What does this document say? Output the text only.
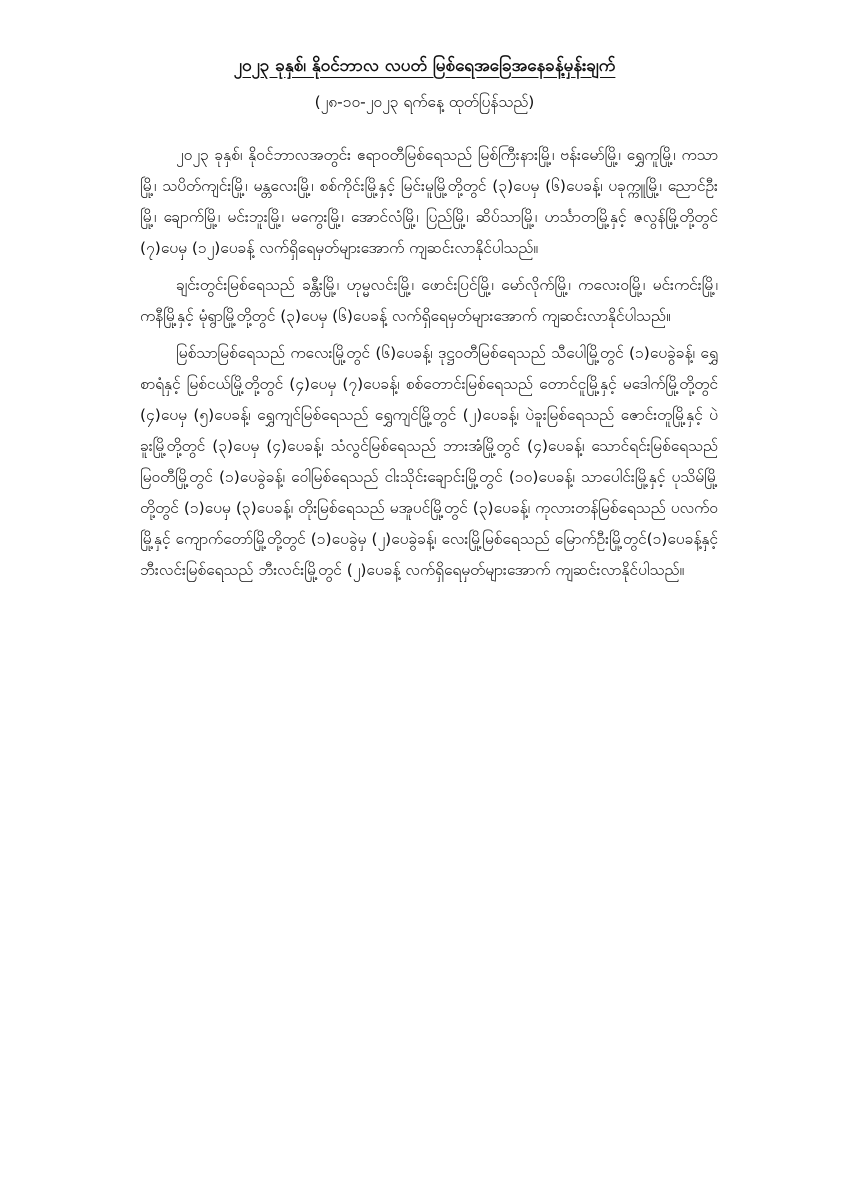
၂၀၂၃ ခုနှစ်၊ နိုဝင်ဘာလ လပတ် မြစ်ရေအခြေအနေခန့်မှန်းချက်
(၂၈-၁၀-၂၀၂၃ ရက်နေ့ ထုတ်ပြန်သည်)

၂၀၂၃ ခုနှစ်၊ နိုဝင်ဘာလအတွင်း ဧရာဝတီမြစ်ရေသည် မြစ်ကြီးနားမြို့၊ ဗန်းမော်မြို့၊ ရွှေကူမြို့၊ ကသာမြို့၊ သပိတ်ကျင်းမြို့၊ မန္တလေးမြို့၊ စစ်ကိုင်းမြို့နှင့် မြင်းမူမြို့တို့တွင် (၃)ပေမှ (၆)ပေခန့်၊ ပခုက္ကူမြို့၊ ညောင်ဦးမြို့၊ ချောက်မြို့၊ မင်းဘူးမြို့၊ မကွေးမြို့၊ အောင်လံမြို့၊ ပြည်မြို့၊ ဆိပ်သာမြို့၊ ဟင်္သာတမြို့နှင့် ဇလွန်မြို့တို့တွင် (၇)ပေမှ (၁၂)ပေခန့် လက်ရှိရေမှတ်များအောက် ကျဆင်းလာနိုင်ပါသည်။

ချင်းတွင်းမြစ်ရေသည် ခန္တီးမြို့၊ ဟုမ္မလင်းမြို့၊ ဖောင်းပြင်မြို့၊ မော်လိုက်မြို့၊ ကလေးဝမြို့၊ မင်းကင်းမြို့၊ ကနီမြို့နှင့် မုံရွာမြို့တို့တွင် (၃)ပေမှ (၆)ပေခန့် လက်ရှိရေမှတ်များအောက် ကျဆင်းလာနိုင်ပါသည်။

မြစ်သာမြစ်ရေသည် ကလေးမြို့တွင် (၆)ပေခန့်၊ ဒုဋ္ဌဝတီမြစ်ရေသည် သီပေါမြို့တွင် (၁)ပေခွဲခန့်၊ ရွှေစာရံနှင့် မြစ်ငယ်မြို့တို့တွင် (၄)ပေမှ (၇)ပေခန့်၊ စစ်တောင်းမြစ်ရေသည် တောင်ငူမြို့နှင့် မဒေါက်မြို့တို့တွင် (၄)ပေမှ (၅)ပေခန့်၊ ရွှေကျင်မြစ်ရေသည် ရွှေကျင်မြို့တွင် (၂)ပေခန့်၊ ပဲခူးမြစ်ရေသည် ဇောင်းတူမြို့နှင့် ပဲခူးမြို့တို့တွင် (၃)ပေမှ (၄)ပေခန့်၊ သံလွင်မြစ်ရေသည် ဘားအံမြို့တွင် (၄)ပေခန့်၊ သောင်ရင်းမြစ်ရေသည် မြဝတီမြို့တွင် (၁)ပေခွဲခန့်၊ ဝေါမြစ်ရေသည် ငါးသိုင်းချောင်းမြို့တွင် (၁၀)ပေခန့်၊ သာပေါင်းမြို့နှင့် ပုသိမ်မြို့တို့တွင် (၁)ပေမှ (၃)ပေခန့်၊ တိုးမြစ်ရေသည် မအူပင်မြို့တွင် (၃)ပေခန့်၊ ကုလားတန်မြစ်ရေသည် ပလက်ဝမြို့နှင့် ကျောက်တော်မြို့တို့တွင် (၁)ပေခွဲမှ (၂)ပေခွဲခန့်၊ လေးမြို့မြစ်ရေသည် မြောက်ဦးမြို့တွင်(၁)ပေခန့်နှင့် ဘီးလင်းမြစ်ရေသည် ဘီးလင်းမြို့တွင် (၂)ပေခန့် လက်ရှိရေမှတ်များအောက် ကျဆင်းလာနိုင်ပါသည်။
